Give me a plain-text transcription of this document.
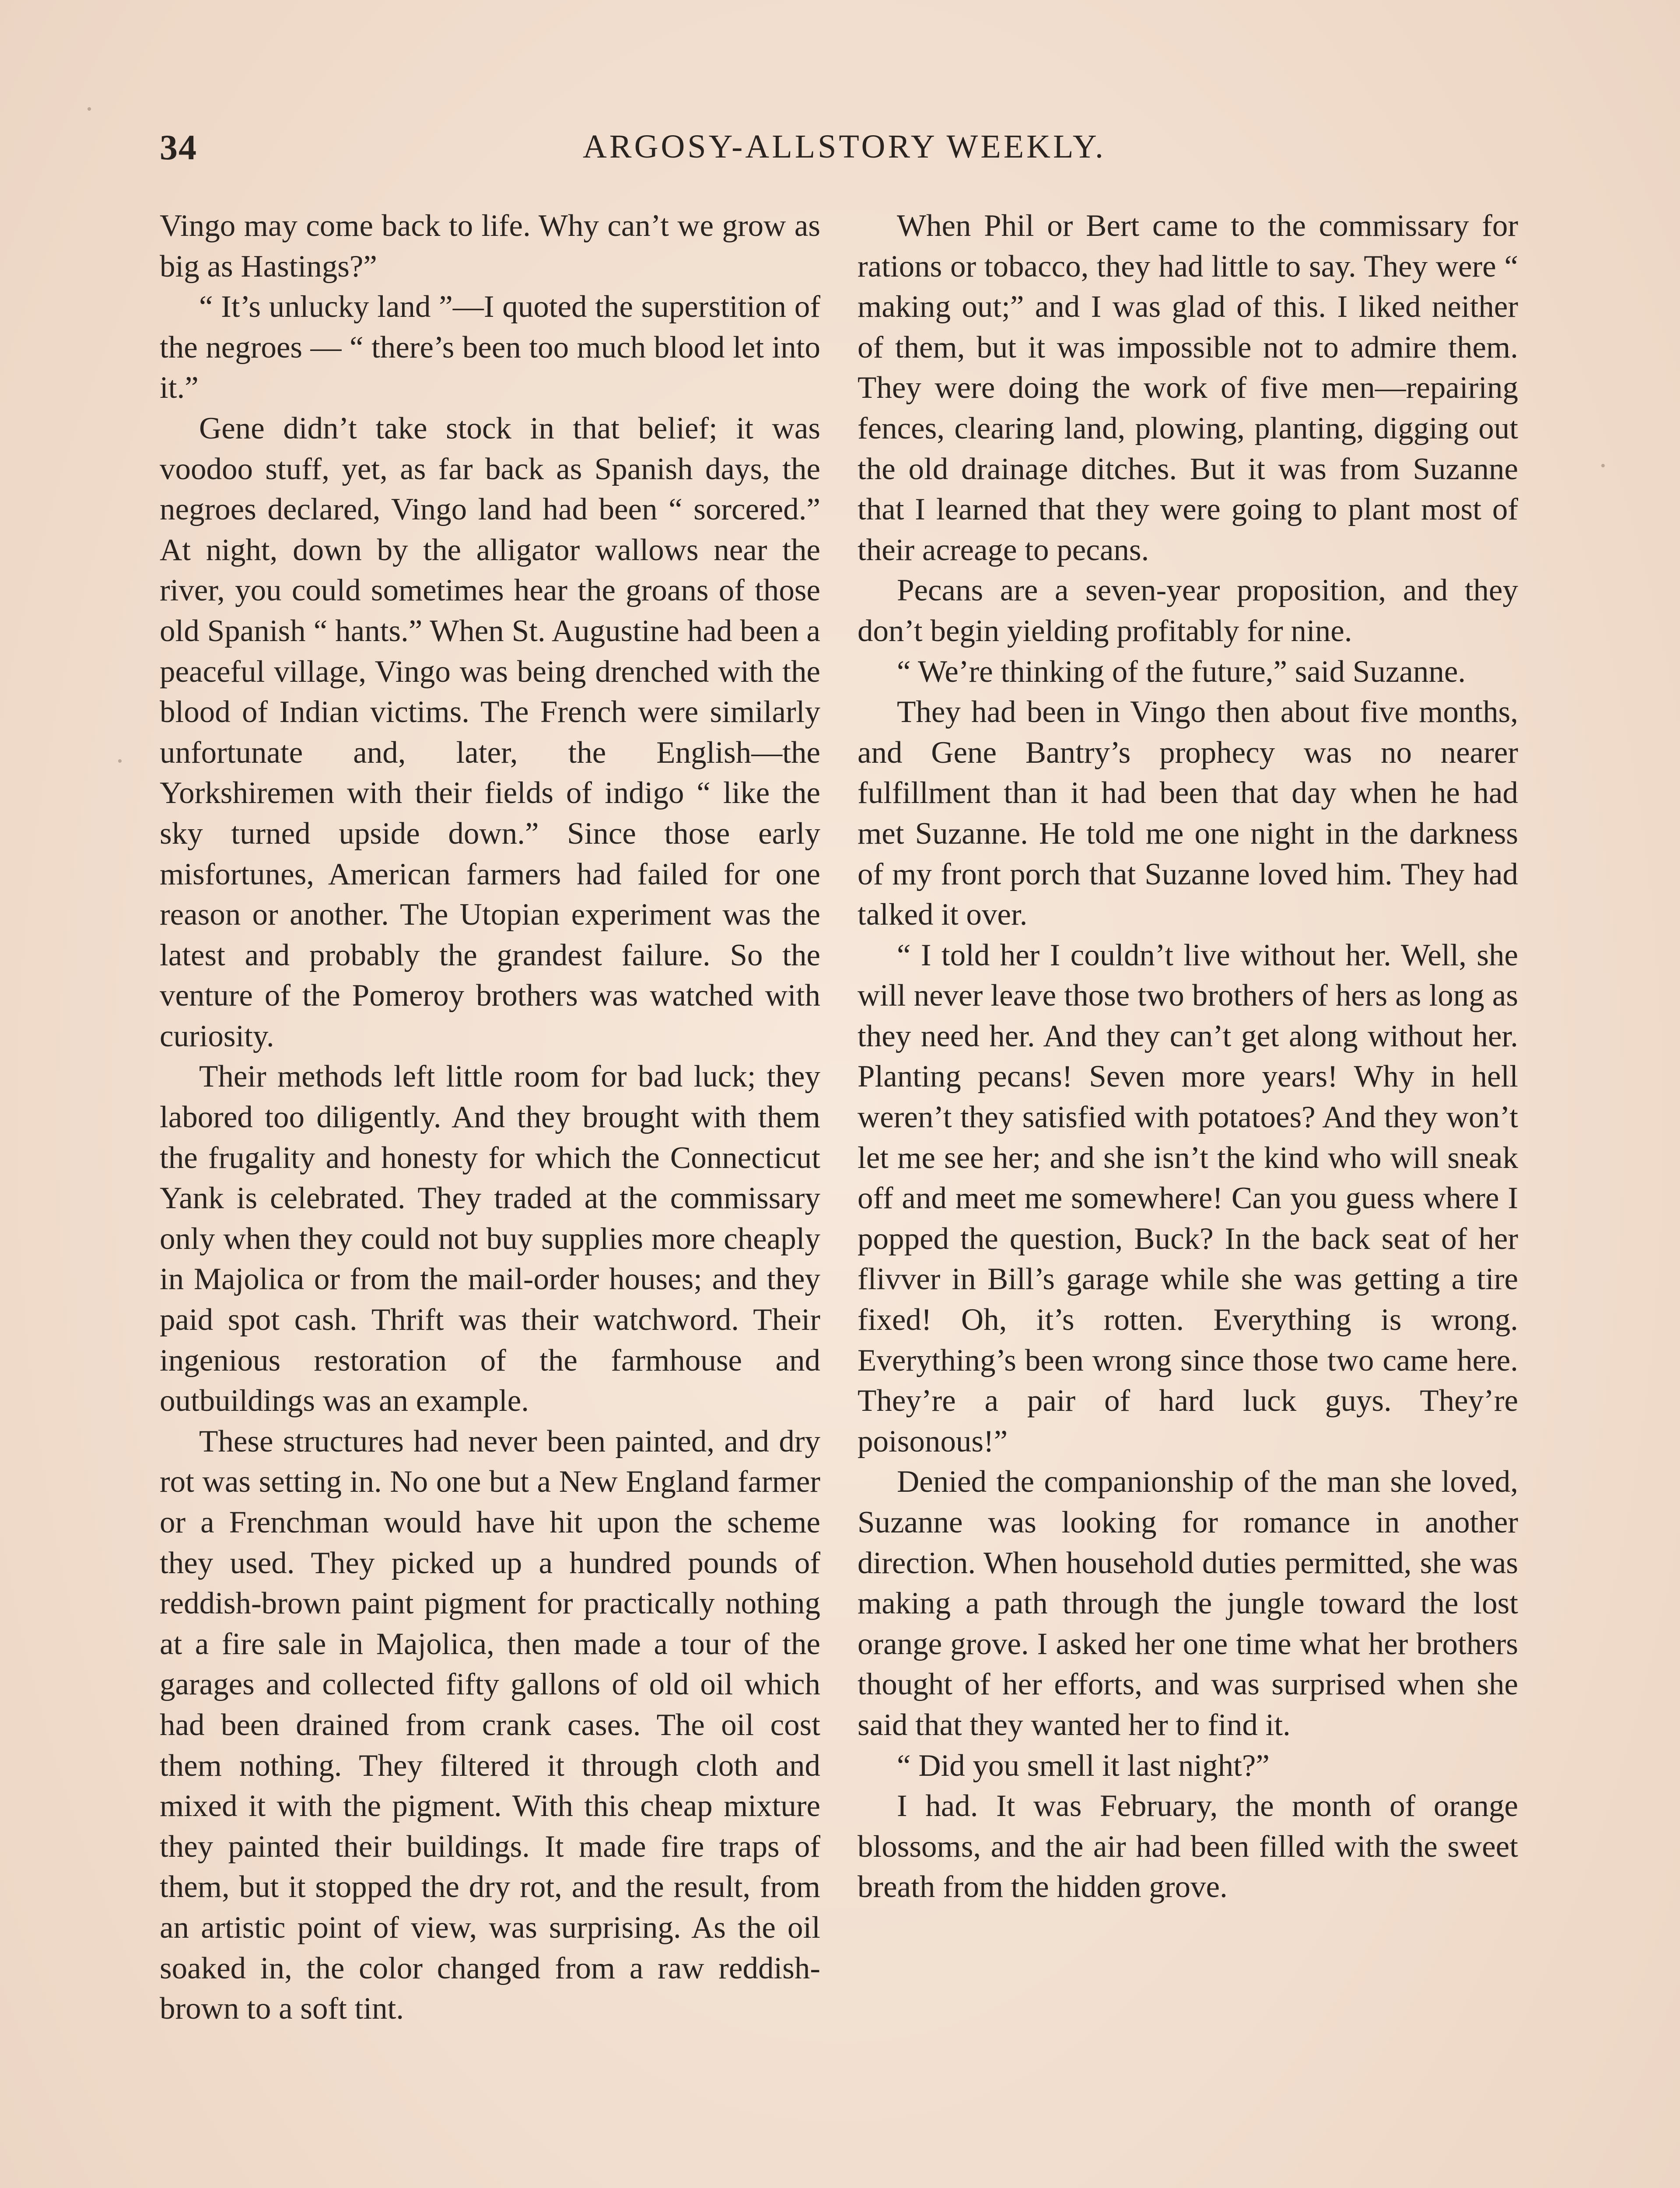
34	ARGOSY-ALLSTORY WEEKLY.

Vingo may come back to life. Why can’t we grow as big as Hastings?”

“ It’s unlucky land ”—I quoted the superstition of the negroes — “ there’s been too much blood let into it.”

Gene didn’t take stock in that belief; it was voodoo stuff, yet, as far back as Spanish days, the negroes declared, Vingo land had been “ sorcered.” At night, down by the alligator wallows near the river, you could sometimes hear the groans of those old Spanish “ hants.” When St. Augustine had been a peaceful village, Vingo was being drenched with the blood of Indian victims. The French were similarly unfortunate and, later, the English—the Yorkshiremen with their fields of indigo “ like the sky turned upside down.” Since those early misfortunes, American farmers had failed for one reason or another. The Utopian experiment was the latest and probably the grandest failure. So the venture of the Pomeroy brothers was watched with curiosity.

Their methods left little room for bad luck; they labored too diligently. And they brought with them the frugality and honesty for which the Connecticut Yank is celebrated. They traded at the commissary only when they could not buy supplies more cheaply in Majolica or from the mail-order houses; and they paid spot cash. Thrift was their watchword. Their ingenious restoration of the farmhouse and outbuildings was an example.

These structures had never been painted, and dry rot was setting in. No one but a New England farmer or a Frenchman would have hit upon the scheme they used. They picked up a hundred pounds of reddish-brown paint pigment for practically nothing at a fire sale in Majolica, then made a tour of the garages and collected fifty gallons of old oil which had been drained from crank cases. The oil cost them nothing. They filtered it through cloth and mixed it with the pigment. With this cheap mixture they painted their buildings. It made fire traps of them, but it stopped the dry rot, and the result, from an artistic point of view, was surprising. As the oil soaked in, the color changed from a raw reddish-brown to a soft tint.

When Phil or Bert came to the commissary for rations or tobacco, they had little to say. They were “ making out;” and I was glad of this. I liked neither of them, but it was impossible not to admire them. They were doing the work of five men—repairing fences, clearing land, plowing, planting, digging out the old drainage ditches. But it was from Suzanne that I learned that they were going to plant most of their acreage to pecans.

Pecans are a seven-year proposition, and they don’t begin yielding profitably for nine.

“ We’re thinking of the future,” said Suzanne.

They had been in Vingo then about five months, and Gene Bantry’s prophecy was no nearer fulfillment than it had been that day when he had met Suzanne. He told me one night in the darkness of my front porch that Suzanne loved him. They had talked it over.

“ I told her I couldn’t live without her. Well, she will never leave those two brothers of hers as long as they need her. And they can’t get along without her. Planting pecans! Seven more years! Why in hell weren’t they satisfied with potatoes? And they won’t let me see her; and she isn’t the kind who will sneak off and meet me somewhere! Can you guess where I popped the question, Buck? In the back seat of her flivver in Bill’s garage while she was getting a tire fixed! Oh, it’s rotten. Everything is wrong. Everything’s been wrong since those two came here. They’re a pair of hard luck guys. They’re poisonous!”

Denied the companionship of the man she loved, Suzanne was looking for romance in another direction. When household duties permitted, she was making a path through the jungle toward the lost orange grove. I asked her one time what her brothers thought of her efforts, and was surprised when she said that they wanted her to find it.

“ Did you smell it last night?”

I had. It was February, the month of orange blossoms, and the air had been filled with the sweet breath from the hidden grove.
